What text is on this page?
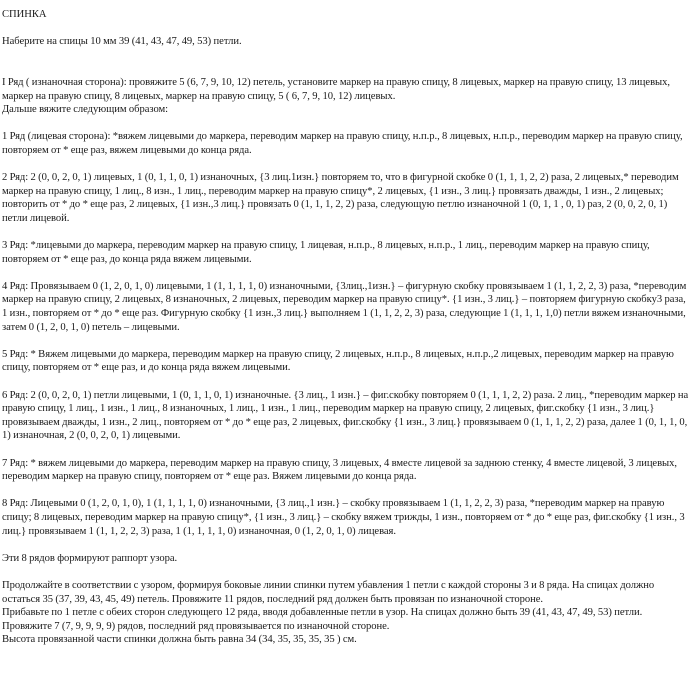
СПИНКА

Наберите на спицы 10 мм 39 (41, 43, 47, 49, 53) петли.

I Ряд ( изнаночная сторона): провяжите 5 (6, 7, 9, 10, 12) петель, установите маркер на правую спицу, 8 лицевых, маркер на правую спицу, 13 лицевых, маркер на правую спицу, 8 лицевых, маркер на правую спицу, 5 ( 6, 7, 9, 10, 12) лицевых.

Дальше вяжите следующим образом:

1 Ряд (лицевая сторона): *вяжем лицевыми до маркера, переводим маркер на правую спицу, н.п.р., 8 лицевых, н.п.р., переводим маркер на правую спицу, повторяем от * еще раз, вяжем лицевыми до конца ряда.

2 Ряд: 2 (0, 0, 2, 0, 1) лицевых, 1 (0, 1, 1, 0, 1) изнаночных, {3 лиц.1изн.} повторяем то, что в фигурной скобке 0 (1, 1, 1, 2, 2) раза, 2 лицевых,* переводим маркер на правую спицу, 1 лиц., 8 изн., 1 лиц., переводим маркер на правую спицу*, 2 лицевых, {1 изн., 3 лиц.} провязать дважды, 1 изн., 2 лицевых; повторить от * до * еще раз, 2 лицевых, {1 изн.,3 лиц.} провязать 0 (1, 1, 1, 2, 2) раза, следующую петлю изнаночной 1 (0, 1, 1 , 0, 1) раз, 2 (0, 0, 2, 0, 1) петли лицевой.

3 Ряд: *лицевыми до маркера, переводим маркер на правую спицу, 1 лицевая, н.п.р., 8 лицевых, н.п.р., 1 лиц., переводим маркер на правую спицу, повторяем от * еще раз, до конца ряда вяжем лицевыми.

4 Ряд: Провязываем 0 (1, 2, 0, 1, 0) лицевыми, 1 (1, 1, 1, 1, 0) изнаночными, {3лиц.,1изн.} – фигурную скобку провязываем 1 (1, 1, 2, 2, 3) раза, *переводим маркер на правую спицу, 2 лицевых, 8 изнаночных, 2 лицевых, переводим маркер на правую спицу*. {1 изн., 3 лиц.} – повторяем фигурную скобку3 раза, 1 изн., повторяем от * до * еще раз. Фигурную скобку {1 изн.,3 лиц.} выполняем 1 (1, 1, 2, 2, 3) раза, следующие 1 (1, 1, 1, 1,0) петли вяжем изнаночными, затем 0 (1, 2, 0, 1, 0) петель – лицевыми.

5 Ряд: * Вяжем лицевыми до маркера, переводим маркер на правую спицу, 2 лицевых, н.п.р., 8 лицевых, н.п.р.,2 лицевых, переводим маркер на правую спицу, повторяем от * еще раз, и до конца ряда вяжем лицевыми.

6 Ряд: 2 (0, 0, 2, 0, 1) петли лицевыми, 1 (0, 1, 1, 0, 1) изнаночные. {3 лиц., 1 изн.} – фиг.скобку повторяем 0 (1, 1, 1, 2, 2) раза. 2 лиц., *переводим маркер на правую спицу, 1 лиц., 1 изн., 1 лиц., 8 изнаночных, 1 лиц., 1 изн., 1 лиц., переводим маркер на правую спицу, 2 лицевых, фиг.скобку {1 изн., 3 лиц.} провязываем дважды, 1 изн., 2 лиц., повторяем от * до * еще раз, 2 лицевых, фиг.скобку {1 изн., 3 лиц.} провязываем 0 (1, 1, 1, 2, 2) раза, далее 1 (0, 1, 1, 0, 1) изнаночная, 2 (0, 0, 2, 0, 1) лицевыми.

7 Ряд: * вяжем лицевыми до маркера, переводим маркер на правую спицу, 3 лицевых, 4 вместе лицевой за заднюю стенку, 4 вместе лицевой, 3 лицевых, переводим маркер на правую спицу, повторяем от * еще раз. Вяжем лицевыми до конца ряда.

8 Ряд: Лицевыми 0 (1, 2, 0, 1, 0), 1 (1, 1, 1, 1, 0) изнаночными, {3 лиц.,1 изн.} – скобку провязываем 1 (1, 1, 2, 2, 3) раза, *переводим маркер на правую спицу; 8 лицевых, переводим маркер на правую спицу*, {1 изн., 3 лиц.} – скобку вяжем трижды, 1 изн., повторяем от * до * еще раз, фиг.скобку {1 изн., 3 лиц.} провязываем 1 (1, 1, 2, 2, 3) раза, 1 (1, 1, 1, 1, 0) изнаночная, 0 (1, 2, 0, 1, 0) лицевая.

Эти 8 рядов формируют раппорт узора.

Продолжайте в соответствии с узором, формируя боковые линии спинки путем убавления 1 петли с каждой стороны 3 и 8 ряда. На спицах должно остаться 35 (37, 39, 43, 45, 49) петель. Провяжите 11 рядов, последний ряд должен быть провязан по изнаночной стороне.

Прибавьте по 1 петле с обеих сторон следующего 12 ряда, вводя добавленные петли в узор. На спицах должно быть 39 (41, 43, 47, 49, 53) петли.

Провяжите 7 (7, 9, 9, 9, 9) рядов, последний ряд провязывается по изнаночной стороне.

Высота провязанной части спинки должна быть равна 34 (34, 35, 35, 35, 35 ) см.
